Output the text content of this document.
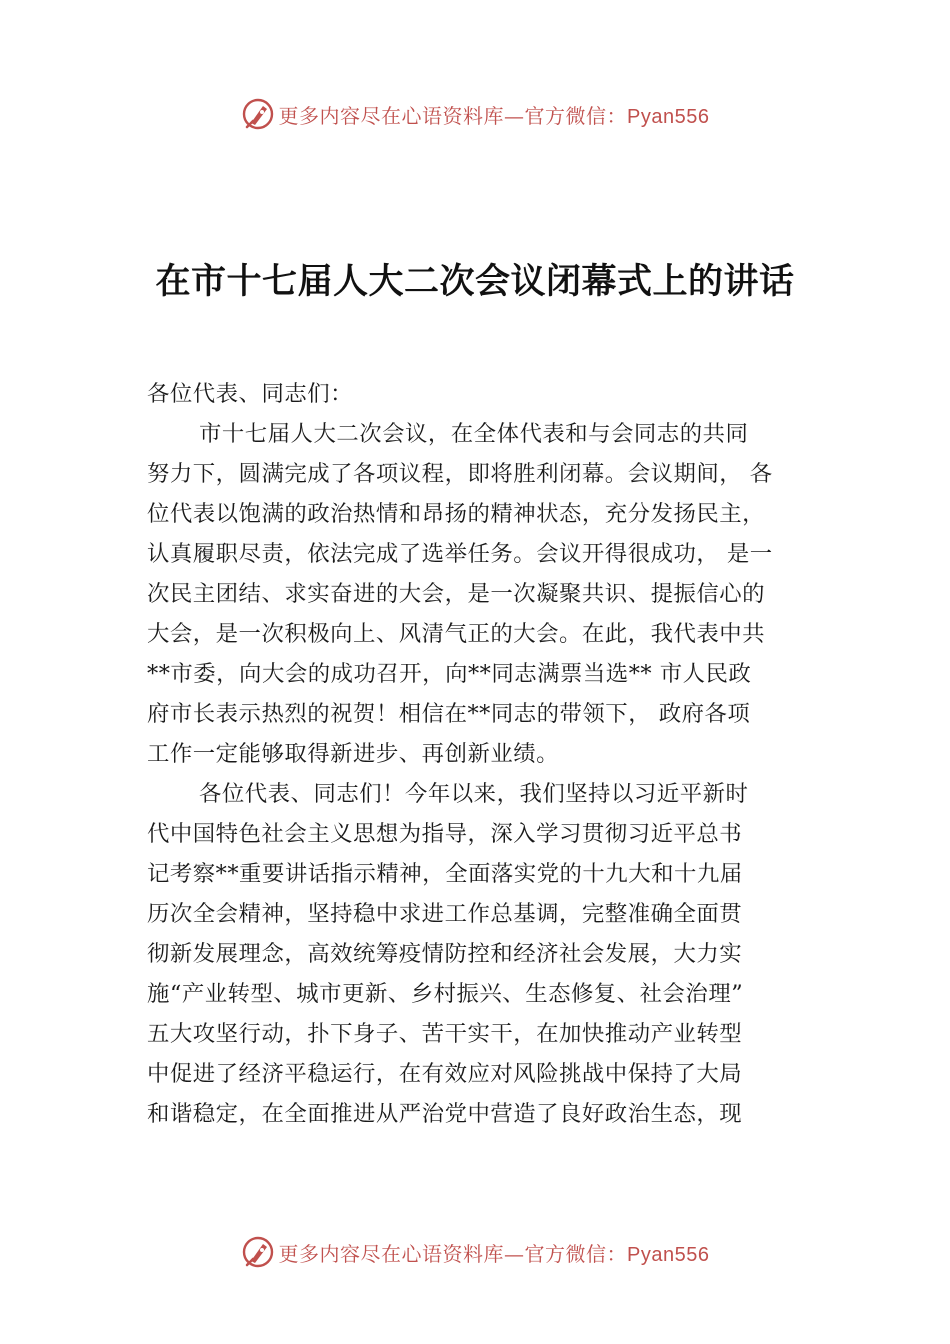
更多内容尽在心语资料库—官方微信：Pyan556
在市十七届人大二次会议闭幕式上的讲话

各位代表、同志们：

市十七届人大二次会议，在全体代表和与会同志的共同
努力下，圆满完成了各项议程，即将胜利闭幕。会议期间， 各
位代表以饱满的政治热情和昂扬的精神状态，充分发扬民主，
认真履职尽责，依法完成了选举任务。会议开得很成功， 是一
次民主团结、求实奋进的大会，是一次凝聚共识、提振信心的
大会，是一次积极向上、风清气正的大会。在此，我代表中共
**市委，向大会的成功召开，向**同志满票当选** 市人民政
府市长表示热烈的祝贺！相信在**同志的带领下， 政府各项
工作一定能够取得新进步、再创新业绩。

各位代表、同志们！今年以来，我们坚持以习近平新时
代中国特色社会主义思想为指导，深入学习贯彻习近平总书
记考察**重要讲话指示精神，全面落实党的十九大和十九届
历次全会精神，坚持稳中求进工作总基调，完整准确全面贯
彻新发展理念，高效统筹疫情防控和经济社会发展，大力实
施“产业转型、城市更新、乡村振兴、生态修复、社会治理”
五大攻坚行动，扑下身子、苦干实干，在加快推动产业转型
中促进了经济平稳运行，在有效应对风险挑战中保持了大局
和谐稳定，在全面推进从严治党中营造了良好政治生态，现

更多内容尽在心语资料库—官方微信：Pyan556
